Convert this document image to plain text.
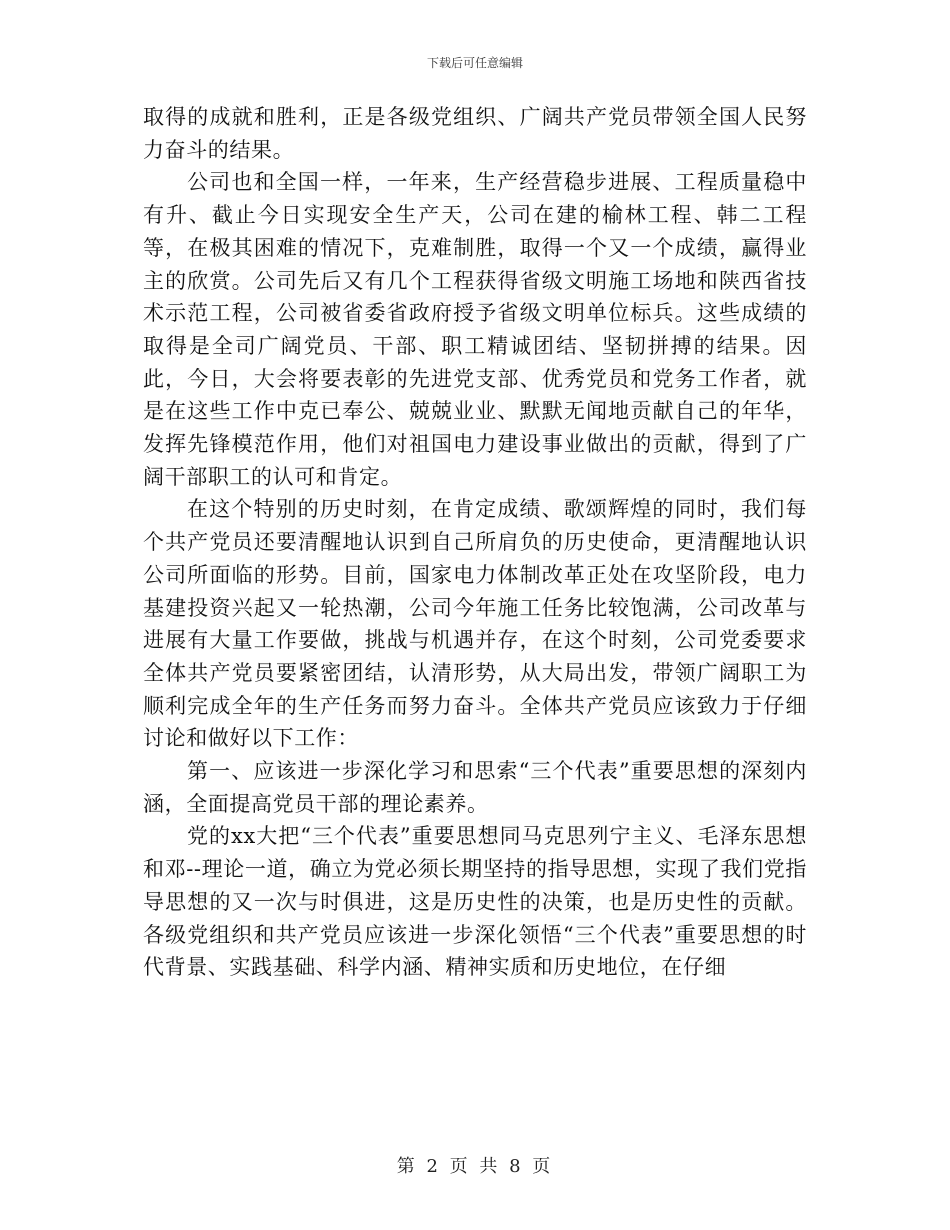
下载后可任意编辑

取得的成就和胜利，正是各级党组织、广阔共产党员带领全国人民努力奋斗的结果。

公司也和全国一样，一年来，生产经营稳步进展、工程质量稳中有升、截止今日实现安全生产天，公司在建的榆林工程、韩二工程等，在极其困难的情况下，克难制胜，取得一个又一个成绩，赢得业主的欣赏。公司先后又有几个工程获得省级文明施工场地和陕西省技术示范工程，公司被省委省政府授予省级文明单位标兵。这些成绩的取得是全司广阔党员、干部、职工精诚团结、坚韧拼搏的结果。因此，今日，大会将要表彰的先进党支部、优秀党员和党务工作者，就是在这些工作中克已奉公、兢兢业业、默默无闻地贡献自己的年华，发挥先锋模范作用，他们对祖国电力建设事业做出的贡献，得到了广阔干部职工的认可和肯定。

在这个特别的历史时刻，在肯定成绩、歌颂辉煌的同时，我们每个共产党员还要清醒地认识到自己所肩负的历史使命，更清醒地认识公司所面临的形势。目前，国家电力体制改革正处在攻坚阶段，电力基建投资兴起又一轮热潮，公司今年施工任务比较饱满，公司改革与进展有大量工作要做，挑战与机遇并存，在这个时刻，公司党委要求全体共产党员要紧密团结，认清形势，从大局出发，带领广阔职工为顺利完成全年的生产任务而努力奋斗。全体共产党员应该致力于仔细讨论和做好以下工作：

第一、应该进一步深化学习和思索“三个代表”重要思想的深刻内涵，全面提高党员干部的理论素养。

党的xx大把“三个代表”重要思想同马克思列宁主义、毛泽东思想和邓--理论一道，确立为党必须长期坚持的指导思想，实现了我们党指导思想的又一次与时俱进，这是历史性的决策，也是历史性的贡献。各级党组织和共产党员应该进一步深化领悟“三个代表”重要思想的时代背景、实践基础、科学内涵、精神实质和历史地位，在仔细

第 2 页 共 8 页
